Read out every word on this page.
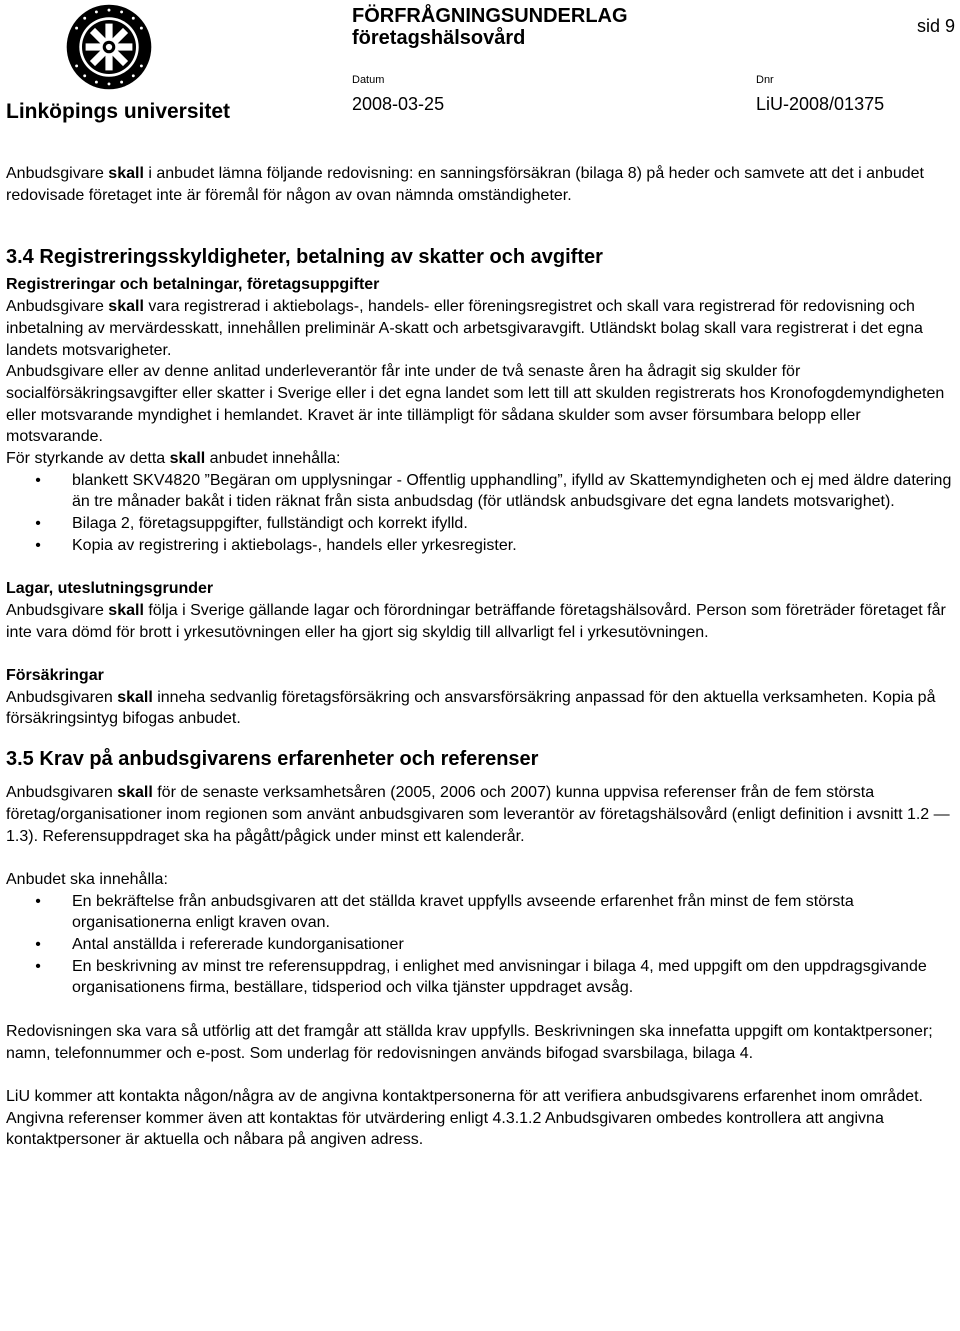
Linköpings universitet
FÖRFRÅGNINGSUNDERLAG
företagshälsovård
Datum	Dnr
2008-03-25	LiU-2008/01375
sid 9

Anbudsgivare skall i anbudet lämna följande redovisning: en sanningsförsäkran (bilaga 8) på heder och samvete att det i anbudet redovisade företaget inte är föremål för någon av ovan nämnda omständigheter.

3.4 Registreringsskyldigheter, betalning av skatter och avgifter

Registreringar och betalningar, företagsuppgifter

Anbudsgivare skall vara registrerad i aktiebolags-, handels- eller föreningsregistret och skall vara registrerad för redovisning och inbetalning av mervärdesskatt, innehållen preliminär A-skatt och arbetsgivaravgift. Utländskt bolag skall vara registrerat i det egna landets motsvarigheter.

Anbudsgivare eller av denne anlitad underleverantör får inte under de två senaste åren ha ådragit sig skulder för socialförsäkringsavgifter eller skatter i Sverige eller i det egna landet som lett till att skulden registrerats hos Kronofogdemyndigheten eller motsvarande myndighet i hemlandet. Kravet är inte tillämpligt för sådana skulder som avser försumbara belopp eller motsvarande.

För styrkande av detta skall anbudet innehålla:

•	blankett SKV4820 ”Begäran om upplysningar - Offentlig upphandling”, ifylld av Skattemyndigheten och ej med äldre datering än tre månader bakåt i tiden räknat från sista anbudsdag (för utländsk anbudsgivare det egna landets motsvarighet).
•	Bilaga 2, företagsuppgifter, fullständigt och korrekt ifylld.
•	Kopia av registrering i aktiebolags-, handels eller yrkesregister.

Lagar, uteslutningsgrunder

Anbudsgivare skall följa i Sverige gällande lagar och förordningar beträffande företagshälsovård. Person som företräder företaget får inte vara dömd för brott i yrkesutövningen eller ha gjort sig skyldig till allvarligt fel i yrkesutövningen.

Försäkringar

Anbudsgivaren skall inneha sedvanlig företagsförsäkring och ansvarsförsäkring anpassad för den aktuella verksamheten. Kopia på försäkringsintyg bifogas anbudet.

3.5 Krav på anbudsgivarens erfarenheter och referenser

Anbudsgivaren skall för de senaste verksamhetsåren (2005, 2006 och 2007) kunna uppvisa referenser från de fem största företag/organisationer inom regionen som använt anbudsgivaren som leverantör av företagshälsovård (enligt definition i avsnitt 1.2 — 1.3). Referensuppdraget ska ha pågått/pågick under minst ett kalenderår.

Anbudet ska innehålla:

•	En bekräftelse från anbudsgivaren att det ställda kravet uppfylls avseende erfarenhet från minst de fem största organisationerna enligt kraven ovan.
•	Antal anställda i refererade kundorganisationer
•	En beskrivning av minst tre referensuppdrag, i enlighet med anvisningar i bilaga 4, med uppgift om den uppdragsgivande organisationens firma, beställare, tidsperiod och vilka tjänster uppdraget avsåg.

Redovisningen ska vara så utförlig att det framgår att ställda krav uppfylls. Beskrivningen ska innefatta uppgift om kontaktpersoner; namn, telefonnummer och e-post. Som underlag för redovisningen används bifogad svarsbilaga, bilaga 4.

LiU kommer att kontakta någon/några av de angivna kontaktpersonerna för att verifiera anbudsgivarens erfarenhet inom området. Angivna referenser kommer även att kontaktas för utvärdering enligt 4.3.1.2 Anbudsgivaren ombedes kontrollera att angivna kontaktpersoner är aktuella och nåbara på angiven adress.
